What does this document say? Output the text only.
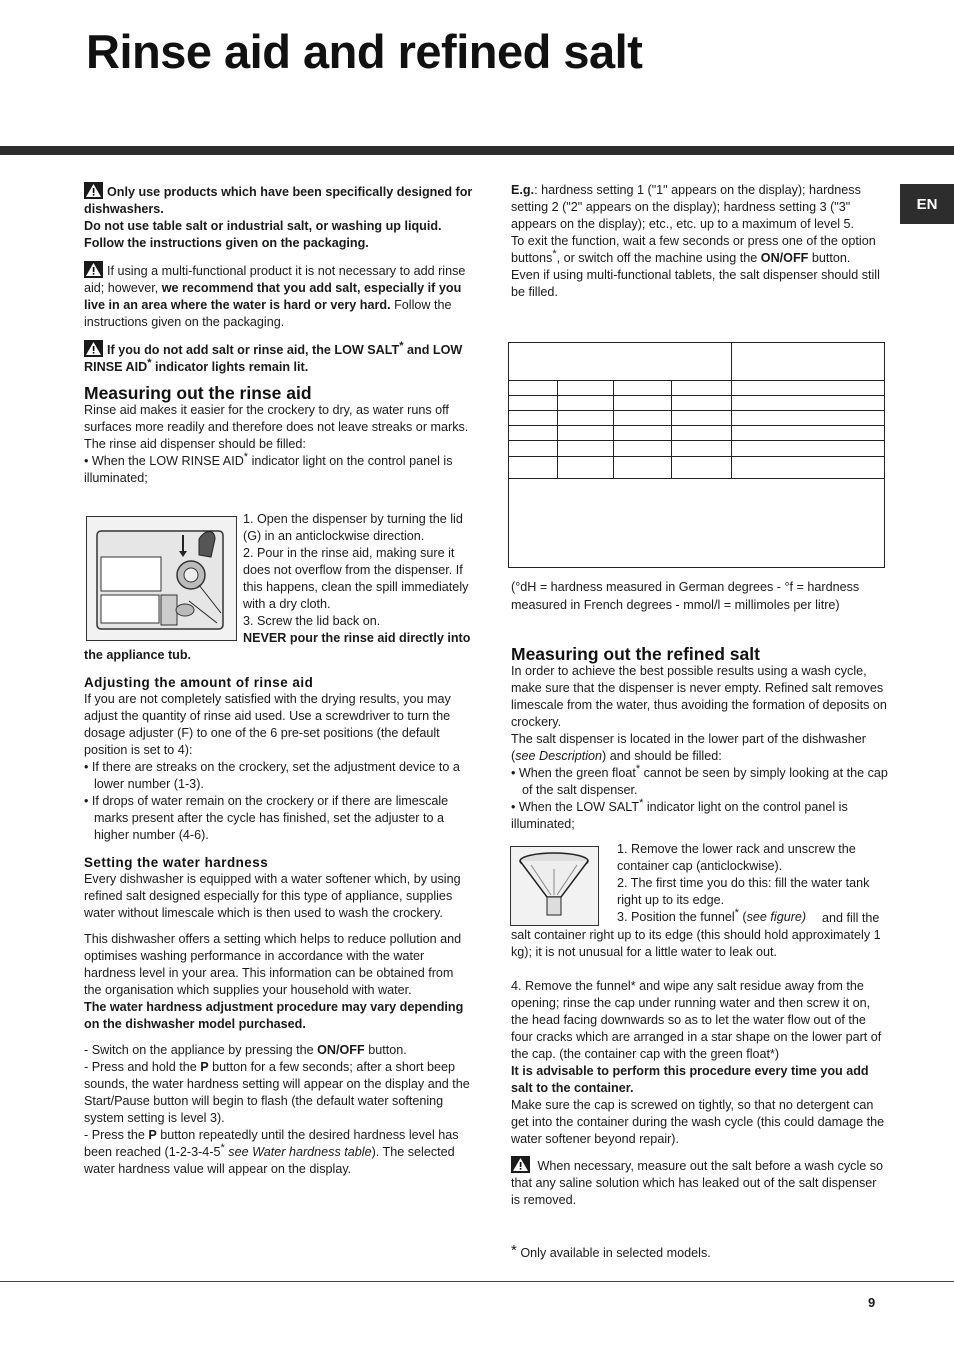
Rinse aid and refined salt
EN

Only use products which have been specifically designed for dishwashers.

Do not use table salt or industrial salt, or washing up liquid. Follow the instructions given on the packaging.

If using a multi-functional product it is not necessary to add rinse aid; however, we recommend that you add salt, especially if you live in an area where the water is hard or very hard. Follow the instructions given on the packaging.

If you do not add salt or rinse aid, the LOW SALT* and LOW RINSE AID* indicator lights remain lit.

Measuring out the rinse aid

Rinse aid makes it easier for the crockery to dry, as water runs off surfaces more readily and therefore does not leave streaks or marks.

The rinse aid dispenser should be filled:

• When the LOW RINSE AID* indicator light on the control panel is illuminated;

1. Open the dispenser by turning the lid (G) in an anticlockwise direction.

2. Pour in the rinse aid, making sure it does not overflow from the dispenser. If this happens, clean the spill immediately with a dry cloth.

3. Screw the lid back on.

NEVER pour the rinse aid directly into the appliance tub.
Adjusting the amount of rinse aid

If you are not completely satisfied with the drying results, you may adjust the quantity of rinse aid used. Use a screwdriver to turn the dosage adjuster (F) to one of the 6 pre-set positions (the default position is set to 4):

• If there are streaks on the crockery, set the adjustment device to a lower number (1-3).

• If drops of water remain on the crockery or if there are limescale marks present after the cycle has finished, set the adjuster to a higher number (4-6).

Setting the water hardness

Every dishwasher is equipped with a water softener which, by using refined salt designed especially for this type of appliance, supplies water without limescale which is then used to wash the crockery.

This dishwasher offers a setting which helps to reduce pollution and optimises washing performance in accordance with the water hardness level in your area. This information can be obtained from the organisation which supplies your household with water.

The water hardness adjustment procedure may vary depending on the dishwasher model purchased.

- Switch on the appliance by pressing the ON/OFF button.

- Press and hold the P button for a few seconds; after a short beep sounds, the water hardness setting will appear on the display and the Start/Pause button will begin to flash (the default water softening system setting is level 3).

- Press the P button repeatedly until the desired hardness level has been reached (1-2-3-4-5* see Water hardness table). The selected water hardness value will appear on the display.

E.g.: hardness setting 1 ("1" appears on the display); hardness setting 2 ("2" appears on the display); hardness setting 3 ("3" appears on the display); etc., etc. up to a maximum of level 5.

To exit the function, wait a few seconds or press one of the option buttons*, or switch off the machine using the ON/OFF button.

Even if using multi-functional tablets, the salt dispenser should still be filled.

(°dH = hardness measured in German degrees - °f = hardness measured in French degrees - mmol/l = millimoles per litre)
Measuring out the refined salt

In order to achieve the best possible results using a wash cycle, make sure that the dispenser is never empty. Refined salt removes limescale from the water, thus avoiding the formation of deposits on crockery.

The salt dispenser is located in the lower part of the dishwasher (see Description) and should be filled:

• When the green float* cannot be seen by simply looking at the cap of the salt dispenser.

• When the LOW SALT* indicator light on the control panel is illuminated;

1. Remove the lower rack and unscrew the container cap (anticlockwise).

2. The first time you do this: fill the water tank right up to its edge.

3. Position the funnel* (see figure)	and fill the salt container right up to its edge (this should hold approximately 1 kg); it is not unusual for a little water to leak out.

4. Remove the funnel* and wipe any salt residue away from the opening; rinse the cap under running water and then screw it on, the head facing downwards so as to let the water flow out of the four cracks which are arranged in a star shape on the lower part of the cap. (the container cap with the green float*)

It is advisable to perform this procedure every time you add salt to the container.

Make sure the cap is screwed on tightly, so that no detergent can get into the container during the wash cycle (this could damage the water softener beyond repair).

When necessary, measure out the salt before a wash cycle so that any saline solution which has leaked out of the salt dispenser is removed.

* Only available in selected models.
9
